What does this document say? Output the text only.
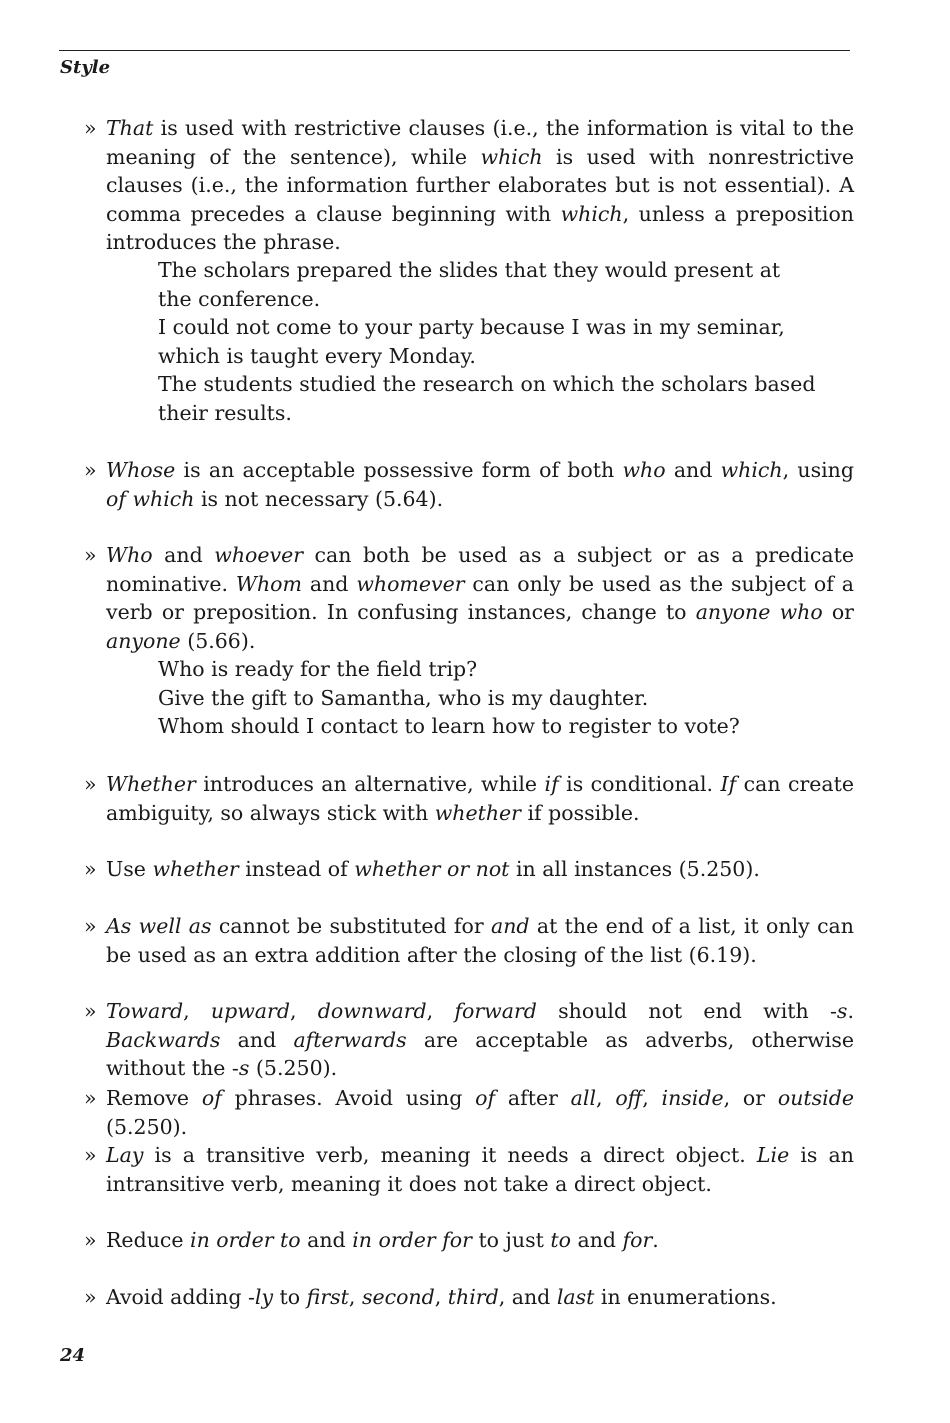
Style
» That is used with restrictive clauses (i.e., the information is vital to the meaning of the sentence), while which is used with nonrestrictive clauses (i.e., the information further elaborates but is not essential). A comma precedes a clause beginning with which, unless a preposition introduces the phrase.

The scholars prepared the slides that they would present at the conference.

I could not come to your party because I was in my seminar, which is taught every Monday.

The students studied the research on which the scholars based their results.

» Whose is an acceptable possessive form of both who and which, using of which is not necessary (5.64).
» Who and whoever can both be used as a subject or as a predicate nominative. Whom and whomever can only be used as the subject of a verb or preposition. In confusing instances, change to anyone who or anyone (5.66).

Who is ready for the field trip?

Give the gift to Samantha, who is my daughter.

Whom should I contact to learn how to register to vote?

» Whether introduces an alternative, while if is conditional. If can create ambiguity, so always stick with whether if possible.
» Use whether instead of whether or not in all instances (5.250).
» As well as cannot be substituted for and at the end of a list, it only can be used as an extra addition after the closing of the list (6.19).
» Toward, upward, downward, forward should not end with -s. Backwards and afterwards are acceptable as adverbs, otherwise without the -s (5.250).
» Remove of phrases. Avoid using of after all, off, inside, or outside (5.250).
» Lay is a transitive verb, meaning it needs a direct object. Lie is an intransitive verb, meaning it does not take a direct object.
» Reduce in order to and in order for to just to and for.
» Avoid adding -ly to first, second, third, and last in enumerations.
24
